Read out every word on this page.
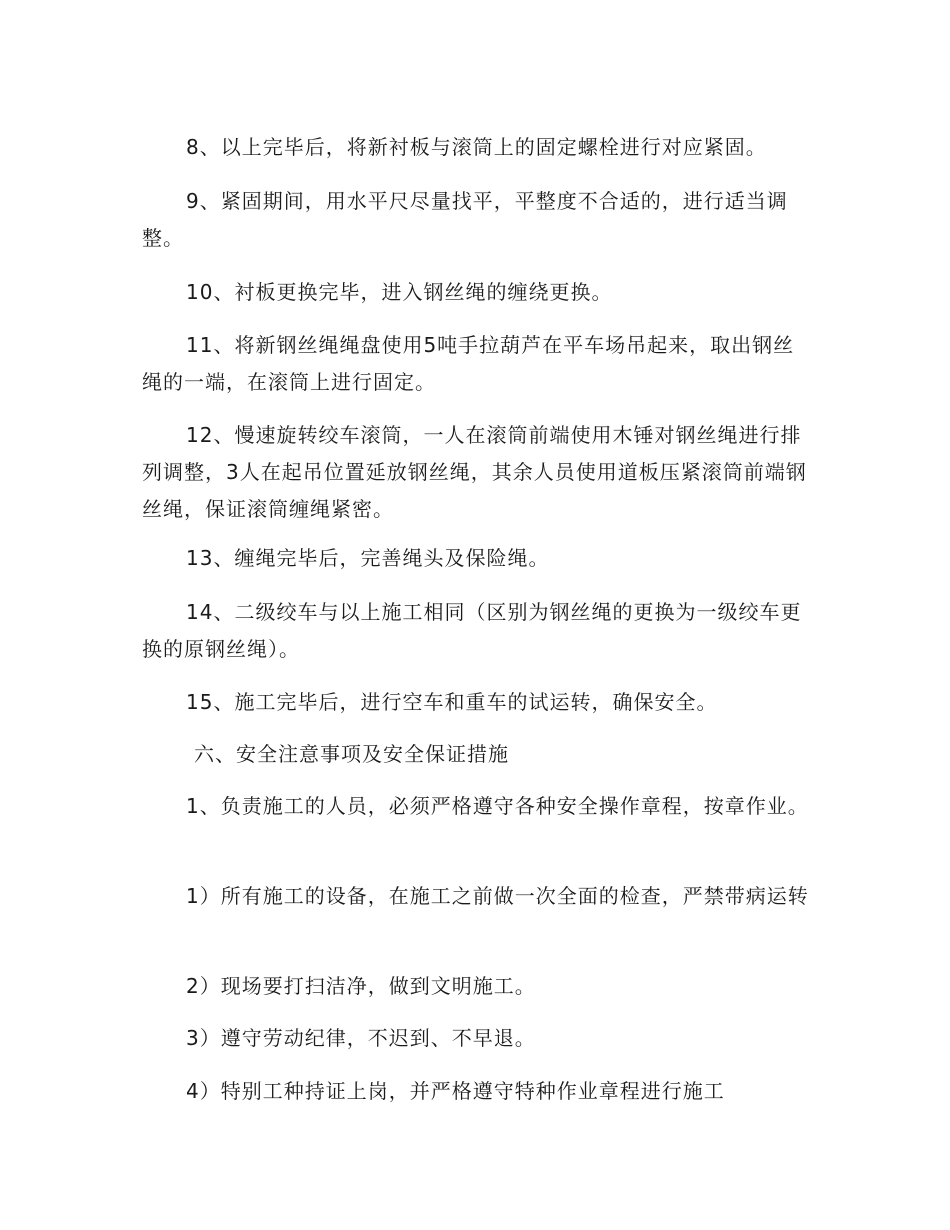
8、以上完毕后，将新衬板与滚筒上的固定螺栓进行对应紧固。

9、紧固期间，用水平尺尽量找平，平整度不合适的，进行适当调整。

10、衬板更换完毕，进入钢丝绳的缠绕更换。

11、将新钢丝绳绳盘使用5吨手拉葫芦在平车场吊起来，取出钢丝绳的一端，在滚筒上进行固定。

12、慢速旋转绞车滚筒，一人在滚筒前端使用木锤对钢丝绳进行排列调整，3人在起吊位置延放钢丝绳，其余人员使用道板压紧滚筒前端钢丝绳，保证滚筒缠绳紧密。

13、缠绳完毕后，完善绳头及保险绳。

14、二级绞车与以上施工相同（区别为钢丝绳的更换为一级绞车更换的原钢丝绳）。

15、施工完毕后，进行空车和重车的试运转，确保安全。

六、安全注意事项及安全保证措施

1、负责施工的人员，必须严格遵守各种安全操作章程，按章作业。

1）所有施工的设备，在施工之前做一次全面的检查，严禁带病运转

2）现场要打扫洁净，做到文明施工。

3）遵守劳动纪律，不迟到、不早退。

4）特别工种持证上岗，并严格遵守特种作业章程进行施工
